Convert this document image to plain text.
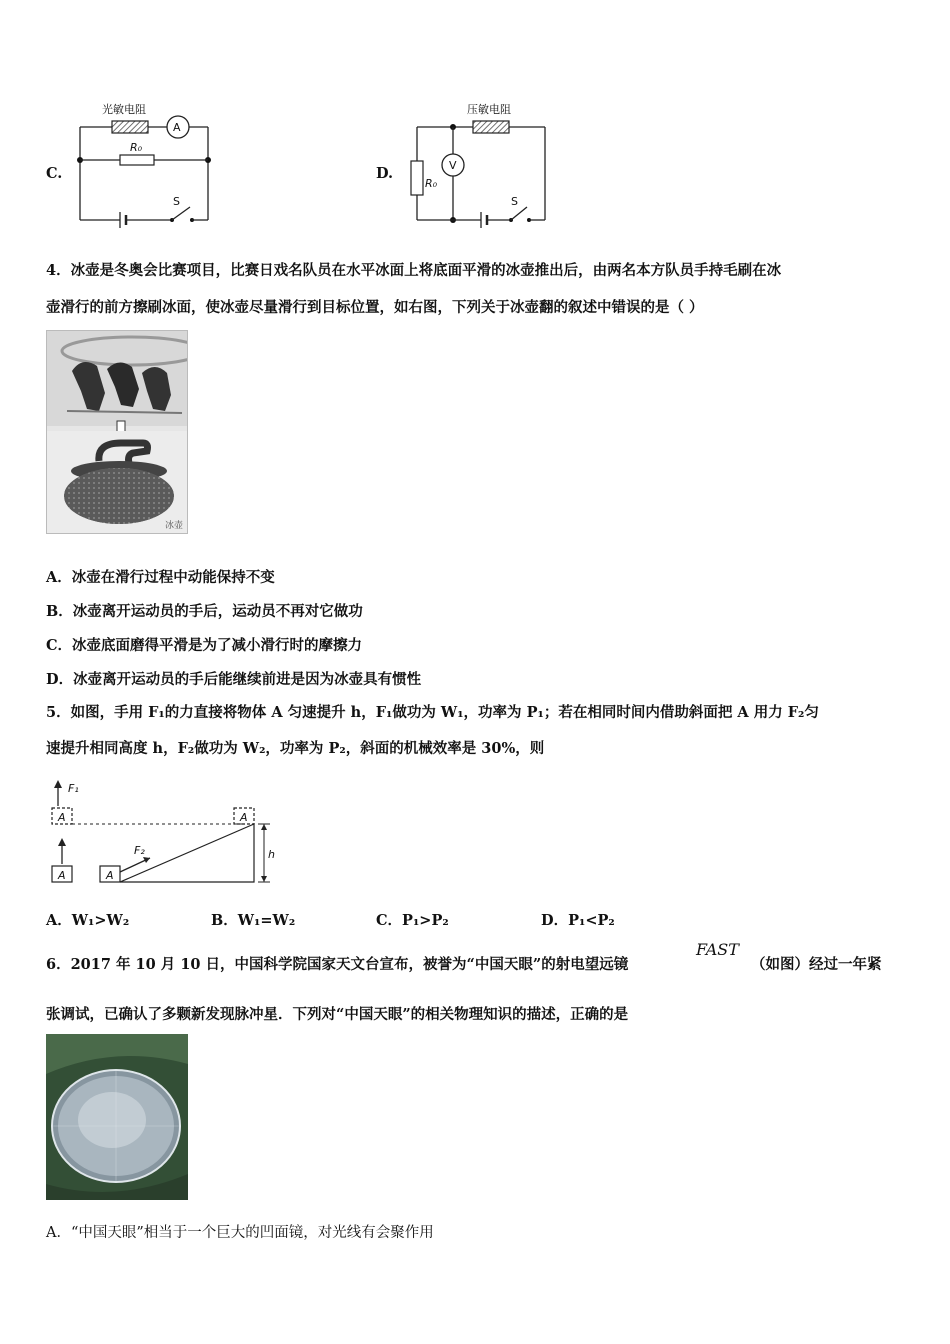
C.
光敏电阻
A
R₀
S
D.
压敏电阻
R₀
V
S
4．冰壶是冬奥会比赛项目，比赛日戏名队员在水平冰面上将底面平滑的冰壶推出后，由两名本方队员手持毛刷在冰
壶滑行的前方擦刷冰面，使冰壶尽量滑行到目标位置，如右图，下列关于冰壶翻的叙述中错误的是（ ）
冰壶
A．冰壶在滑行过程中动能保持不变
B．冰壶离开运动员的手后，运动员不再对它做功
C．冰壶底面磨得平滑是为了减小滑行时的摩擦力
D．冰壶离开运动员的手后能继续前进是因为冰壶具有惯性
5．如图，手用 F₁的力直接将物体 A 匀速提升 h，F₁做功为 W₁，功率为 P₁；若在相同时间内借助斜面把 A 用力 F₂匀
速提升相同高度 h，F₂做功为 W₂，功率为 P₂，斜面的机械效率是 30%，则
F₁
A
A	A
F₂
A
h
A．W₁>W₂	B．W₁=W₂	C．P₁>P₂	D．P₁<P₂
6．2017 年 10 月 10 日，中国科学院国家天文台宣布，被誉为“中国天眼”的射电望远镜
FAST
（如图）经过一年紧
张调试，已确认了多颗新发现脉冲星．下列对“中国天眼”的相关物理知识的描述，正确的是
A．“中国天眼”相当于一个巨大的凹面镜，对光线有会聚作用
